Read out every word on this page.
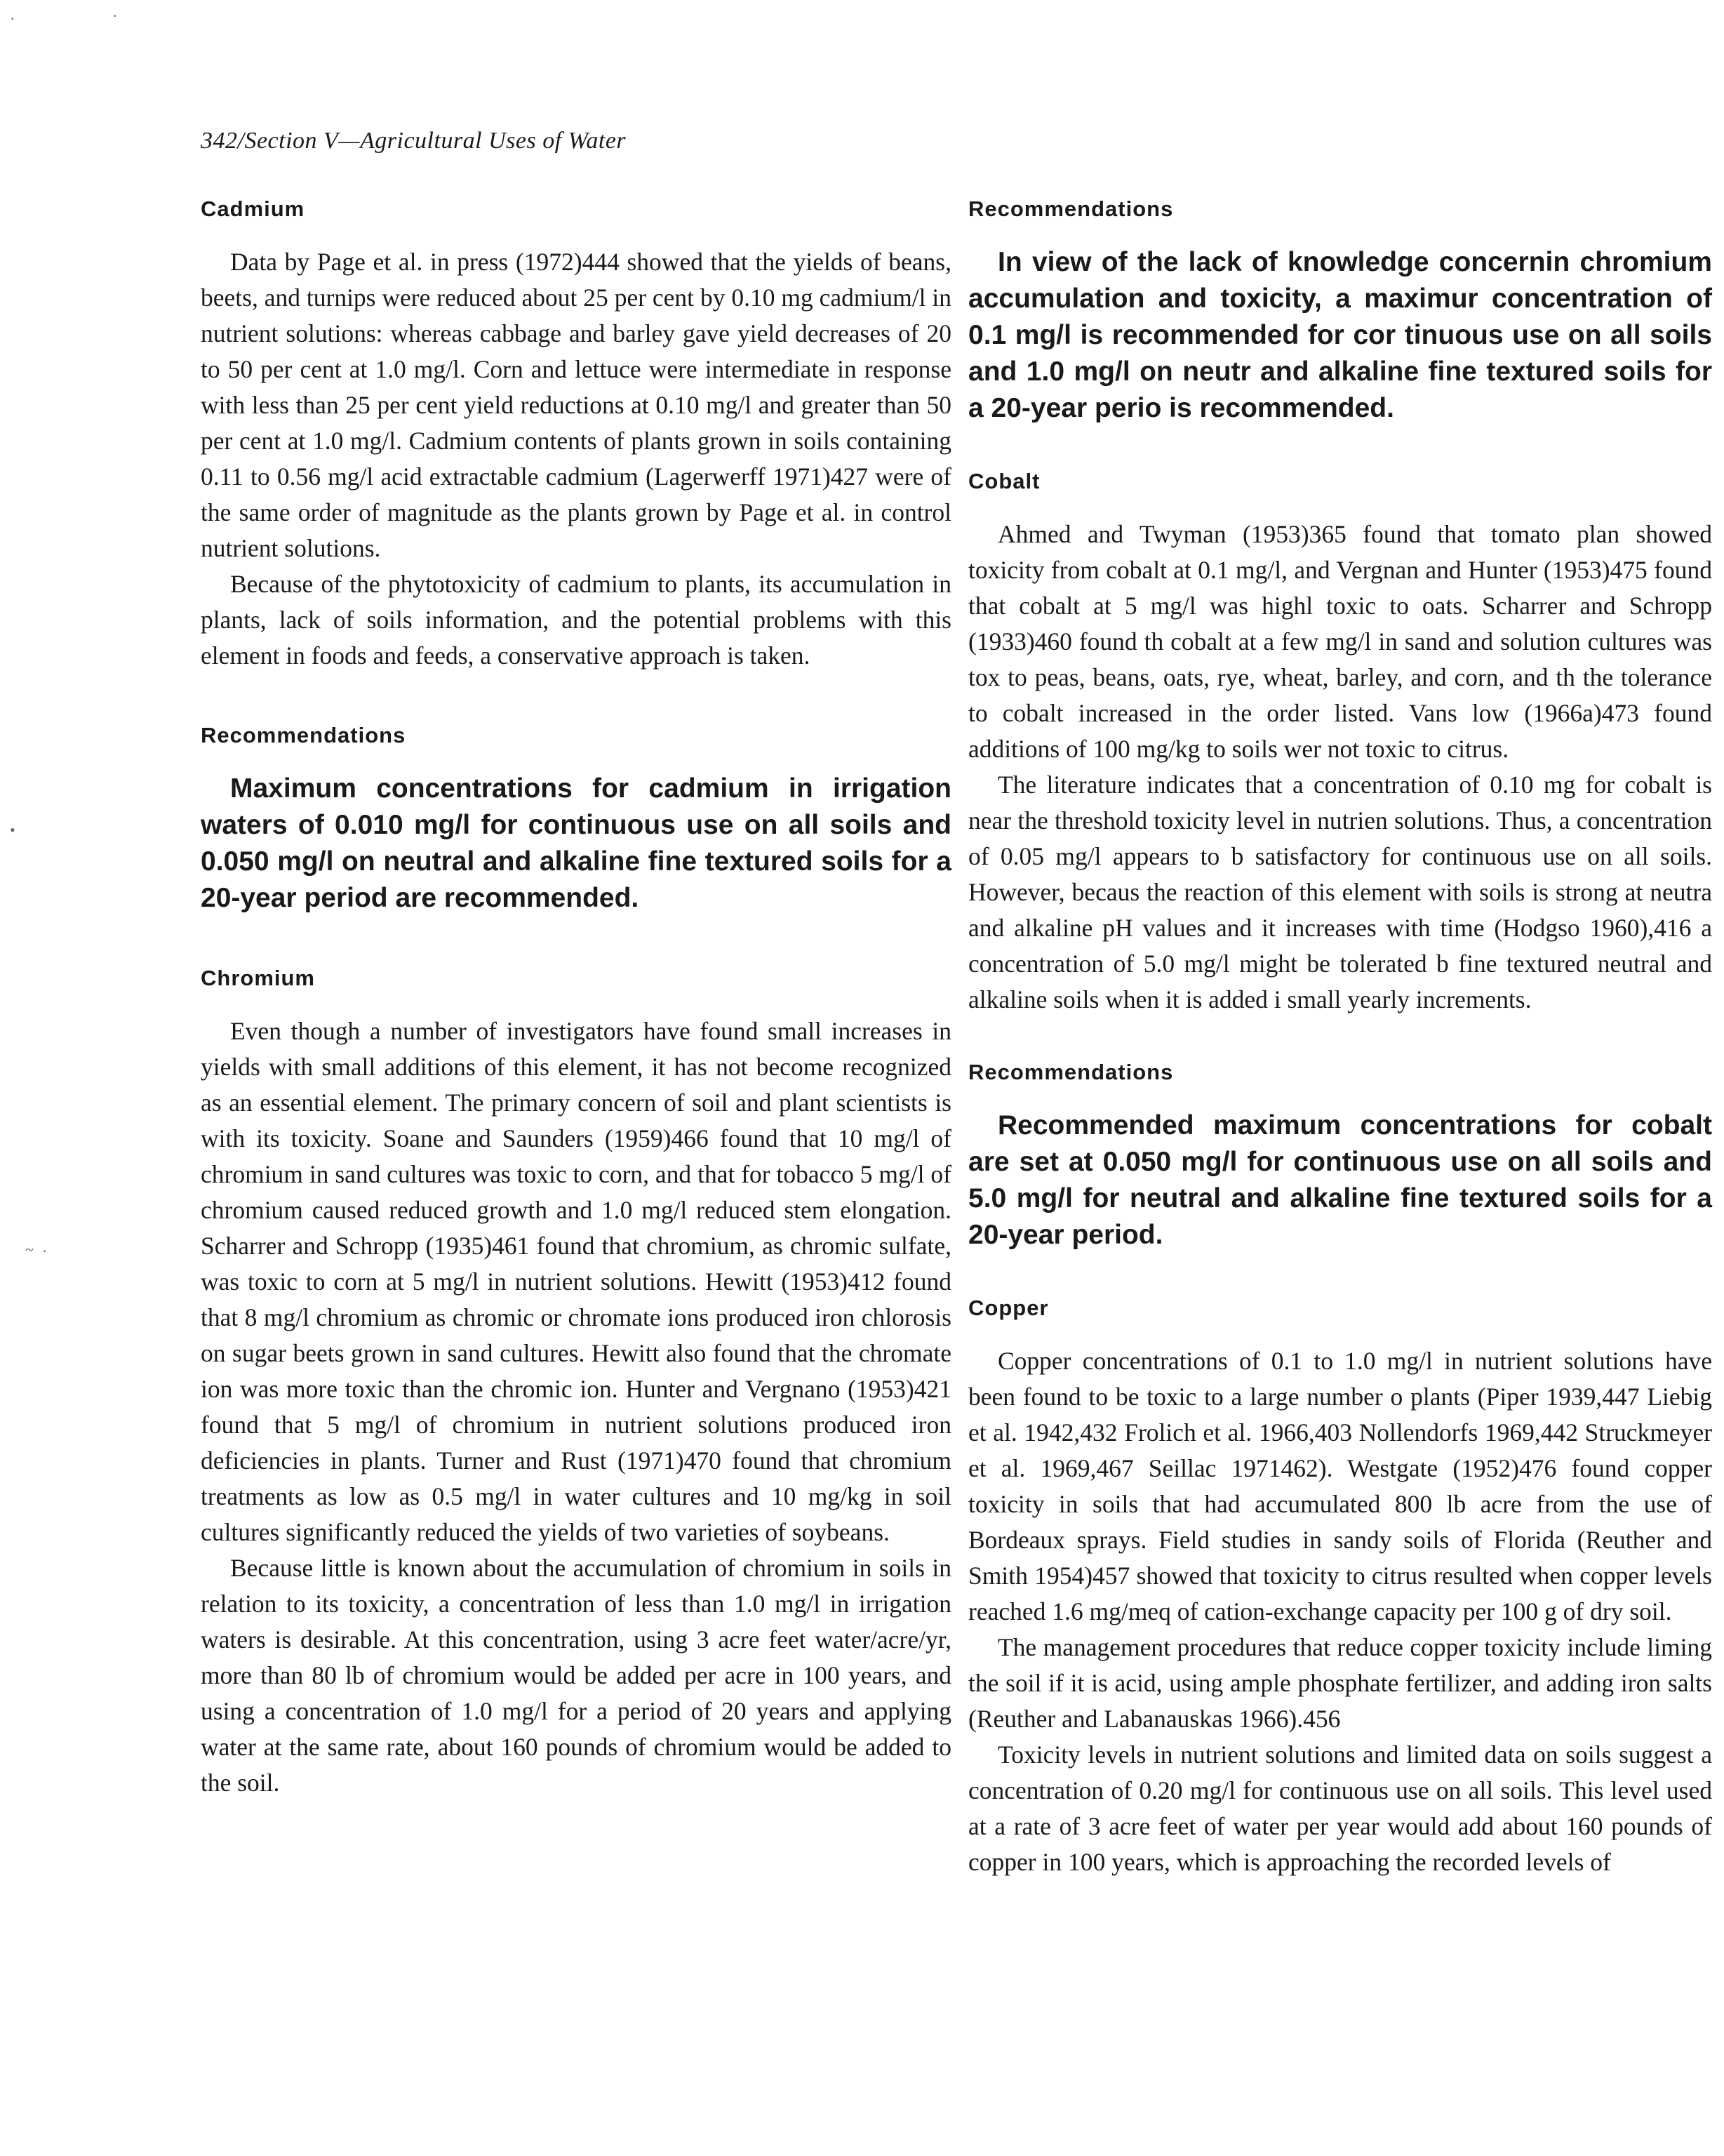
342/Section V—Agricultural Uses of Water
Cadmium

Data by Page et al. in press (1972)444 showed that the yields of beans, beets, and turnips were reduced about 25 per cent by 0.10 mg cadmium/l in nutrient solutions: whereas cabbage and barley gave yield decreases of 20 to 50 per cent at 1.0 mg/l. Corn and lettuce were intermediate in response with less than 25 per cent yield reductions at 0.10 mg/l and greater than 50 per cent at 1.0 mg/l. Cadmium contents of plants grown in soils containing 0.11 to 0.56 mg/l acid extractable cadmium (Lagerwerff 1971)427 were of the same order of magnitude as the plants grown by Page et al. in control nutrient solutions.

Because of the phytotoxicity of cadmium to plants, its accumulation in plants, lack of soils information, and the potential problems with this element in foods and feeds, a conservative approach is taken.

Recommendations

Maximum concentrations for cadmium in irrigation waters of 0.010 mg/l for continuous use on all soils and 0.050 mg/l on neutral and alkaline fine textured soils for a 20-year period are recommended.

Chromium

Even though a number of investigators have found small increases in yields with small additions of this element, it has not become recognized as an essential element. The primary concern of soil and plant scientists is with its toxicity. Soane and Saunders (1959)466 found that 10 mg/l of chromium in sand cultures was toxic to corn, and that for tobacco 5 mg/l of chromium caused reduced growth and 1.0 mg/l reduced stem elongation. Scharrer and Schropp (1935)461 found that chromium, as chromic sulfate, was toxic to corn at 5 mg/l in nutrient solutions. Hewitt (1953)412 found that 8 mg/l chromium as chromic or chromate ions produced iron chlorosis on sugar beets grown in sand cultures. Hewitt also found that the chromate ion was more toxic than the chromic ion. Hunter and Vergnano (1953)421 found that 5 mg/l of chromium in nutrient solutions produced iron deficiencies in plants. Turner and Rust (1971)470 found that chromium treatments as low as 0.5 mg/l in water cultures and 10 mg/kg in soil cultures significantly reduced the yields of two varieties of soybeans.

Because little is known about the accumulation of chromium in soils in relation to its toxicity, a concentration of less than 1.0 mg/l in irrigation waters is desirable. At this concentration, using 3 acre feet water/acre/yr, more than 80 lb of chromium would be added per acre in 100 years, and using a concentration of 1.0 mg/l for a period of 20 years and applying water at the same rate, about 160 pounds of chromium would be added to the soil.

Recommendations

In view of the lack of knowledge concernin chromium accumulation and toxicity, a maximur concentration of 0.1 mg/l is recommended for cor tinuous use on all soils and 1.0 mg/l on neutr and alkaline fine textured soils for a 20-year perio is recommended.

Cobalt

Ahmed and Twyman (1953)365 found that tomato plan showed toxicity from cobalt at 0.1 mg/l, and Vergnan and Hunter (1953)475 found that cobalt at 5 mg/l was highl toxic to oats. Scharrer and Schropp (1933)460 found th cobalt at a few mg/l in sand and solution cultures was tox to peas, beans, oats, rye, wheat, barley, and corn, and th the tolerance to cobalt increased in the order listed. Vans low (1966a)473 found additions of 100 mg/kg to soils wer not toxic to citrus.

The literature indicates that a concentration of 0.10 mg for cobalt is near the threshold toxicity level in nutrien solutions. Thus, a concentration of 0.05 mg/l appears to b satisfactory for continuous use on all soils. However, becaus the reaction of this element with soils is strong at neutra and alkaline pH values and it increases with time (Hodgso 1960),416 a concentration of 5.0 mg/l might be tolerated b fine textured neutral and alkaline soils when it is added i small yearly increments.

Recommendations

Recommended maximum concentrations for cobalt are set at 0.050 mg/l for continuous use on all soils and 5.0 mg/l for neutral and alkaline fine textured soils for a 20-year period.

Copper

Copper concentrations of 0.1 to 1.0 mg/l in nutrient solutions have been found to be toxic to a large number o plants (Piper 1939,447 Liebig et al. 1942,432 Frolich et al. 1966,403 Nollendorfs 1969,442 Struckmeyer et al. 1969,467 Seillac 1971462). Westgate (1952)476 found copper toxicity in soils that had accumulated 800 lb acre from the use of Bordeaux sprays. Field studies in sandy soils of Florida (Reuther and Smith 1954)457 showed that toxicity to citrus resulted when copper levels reached 1.6 mg/meq of cation-exchange capacity per 100 g of dry soil.

The management procedures that reduce copper toxicity include liming the soil if it is acid, using ample phosphate fertilizer, and adding iron salts (Reuther and Labanauskas 1966).456

Toxicity levels in nutrient solutions and limited data on soils suggest a concentration of 0.20 mg/l for continuous use on all soils. This level used at a rate of 3 acre feet of water per year would add about 160 pounds of copper in 100 years, which is approaching the recorded levels of

·	·
•
·
~
